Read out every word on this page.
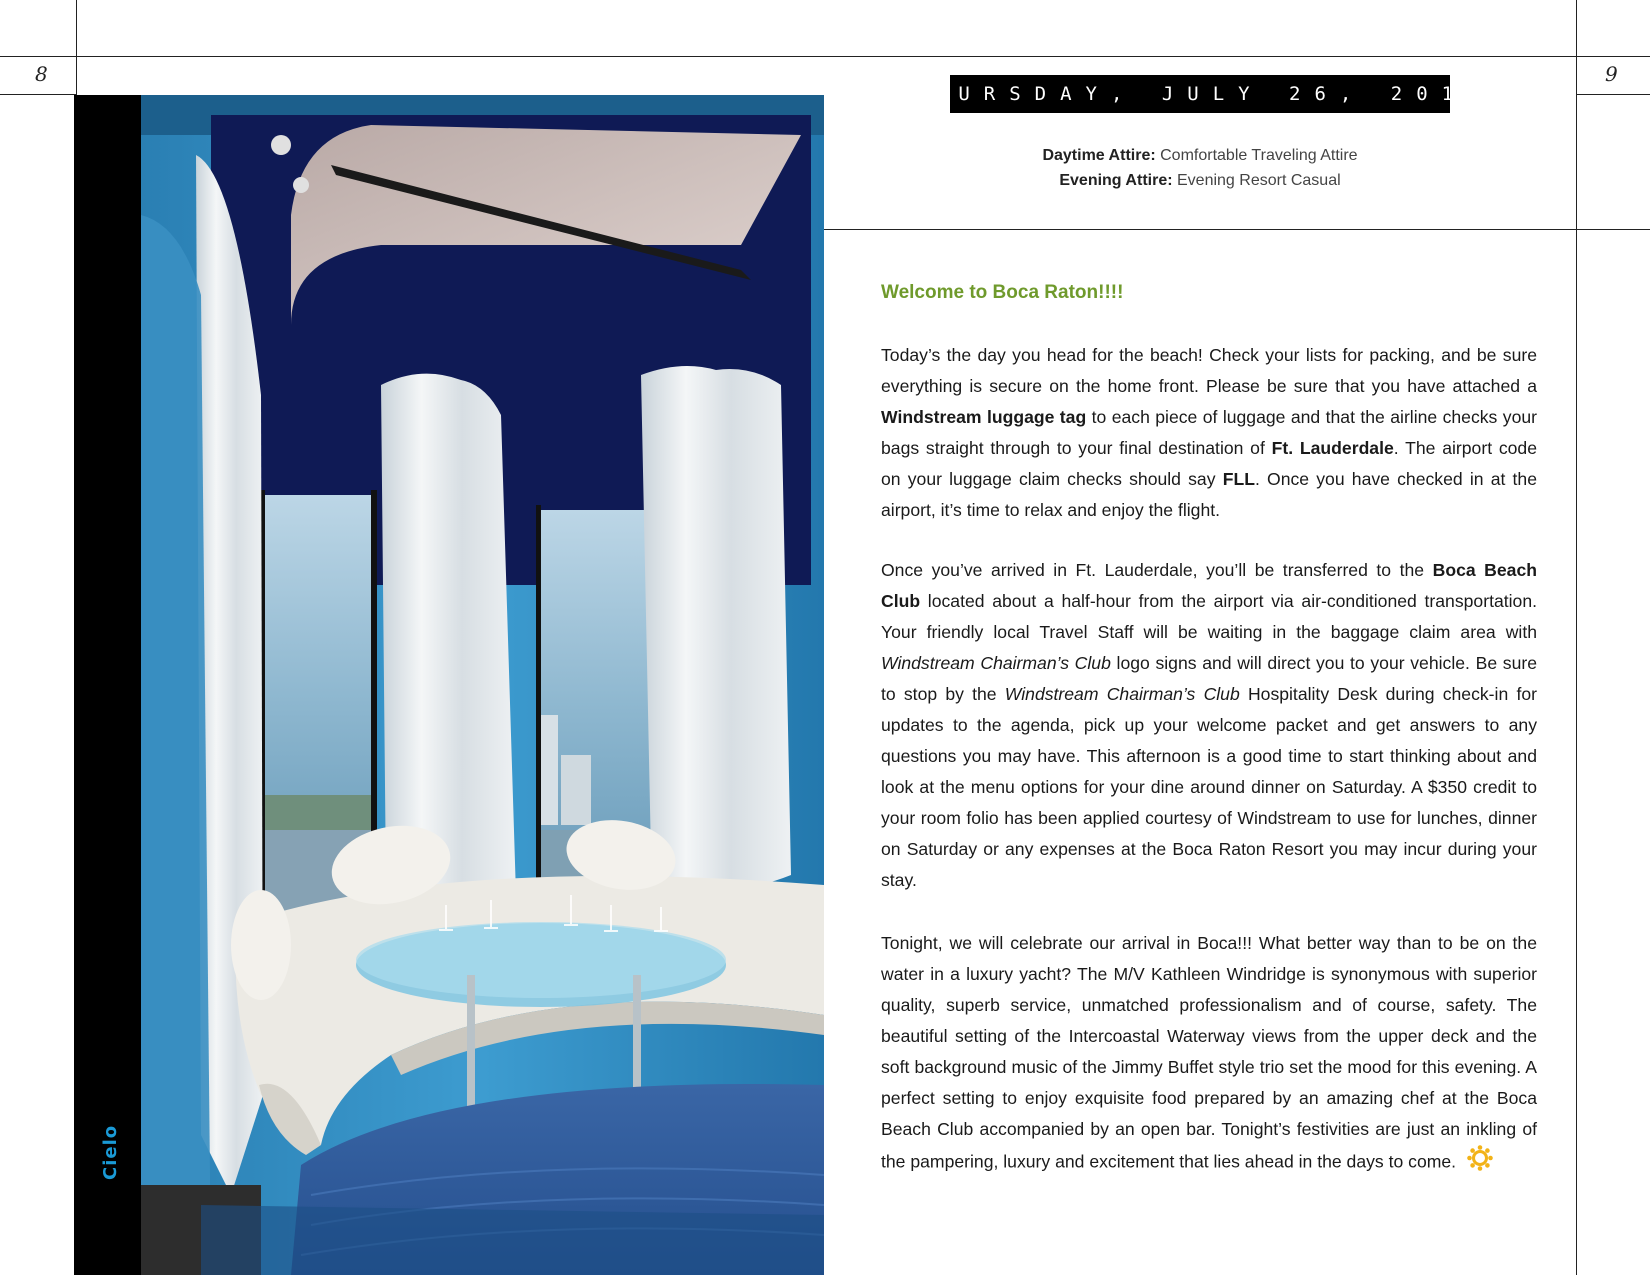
8	9
Cielo
THURSDAY, JULY 26, 2012
Daytime Attire: Comfortable Traveling Attire
Evening Attire: Evening Resort Casual
Welcome to Boca Raton!!!!

Today’s the day you head for the beach! Check your lists for packing, and be sure everything is secure on the home front. Please be sure that you have attached a Windstream luggage tag to each piece of luggage and that the airline checks your bags straight through to your final destination of Ft. Lauderdale. The airport code on your luggage claim checks should say FLL. Once you have checked in at the airport, it’s time to relax and enjoy the flight.

Once you’ve arrived in Ft. Lauderdale, you’ll be transferred to the Boca Beach Club located about a half-hour from the airport via air-conditioned transportation. Your friendly local Travel Staff will be waiting in the baggage claim area with Windstream Chairman’s Club logo signs and will direct you to your vehicle. Be sure to stop by the Windstream Chairman’s Club Hospitality Desk during check-in for updates to the agenda, pick up your welcome packet and get answers to any questions you may have. This afternoon is a good time to start thinking about and look at the menu options for your dine around dinner on Saturday. A $350 credit to your room folio has been applied courtesy of Windstream to use for lunches, dinner on Saturday or any expenses at the Boca Raton Resort you may incur during your stay.

Tonight, we will celebrate our arrival in Boca!!! What better way than to be on the water in a luxury yacht? The M/V Kathleen Windridge is synonymous with superior quality, superb service, unmatched professionalism and of course, safety. The beautiful setting of the Intercoastal Waterway views from the upper deck and the soft background music of the Jimmy Buffet style trio set the mood for this evening. A perfect setting to enjoy exquisite food prepared by an amazing chef at the Boca Beach Club accompanied by an open bar. Tonight’s festivities are just an inkling of the pampering, luxury and excitement that lies ahead in the days to come.
